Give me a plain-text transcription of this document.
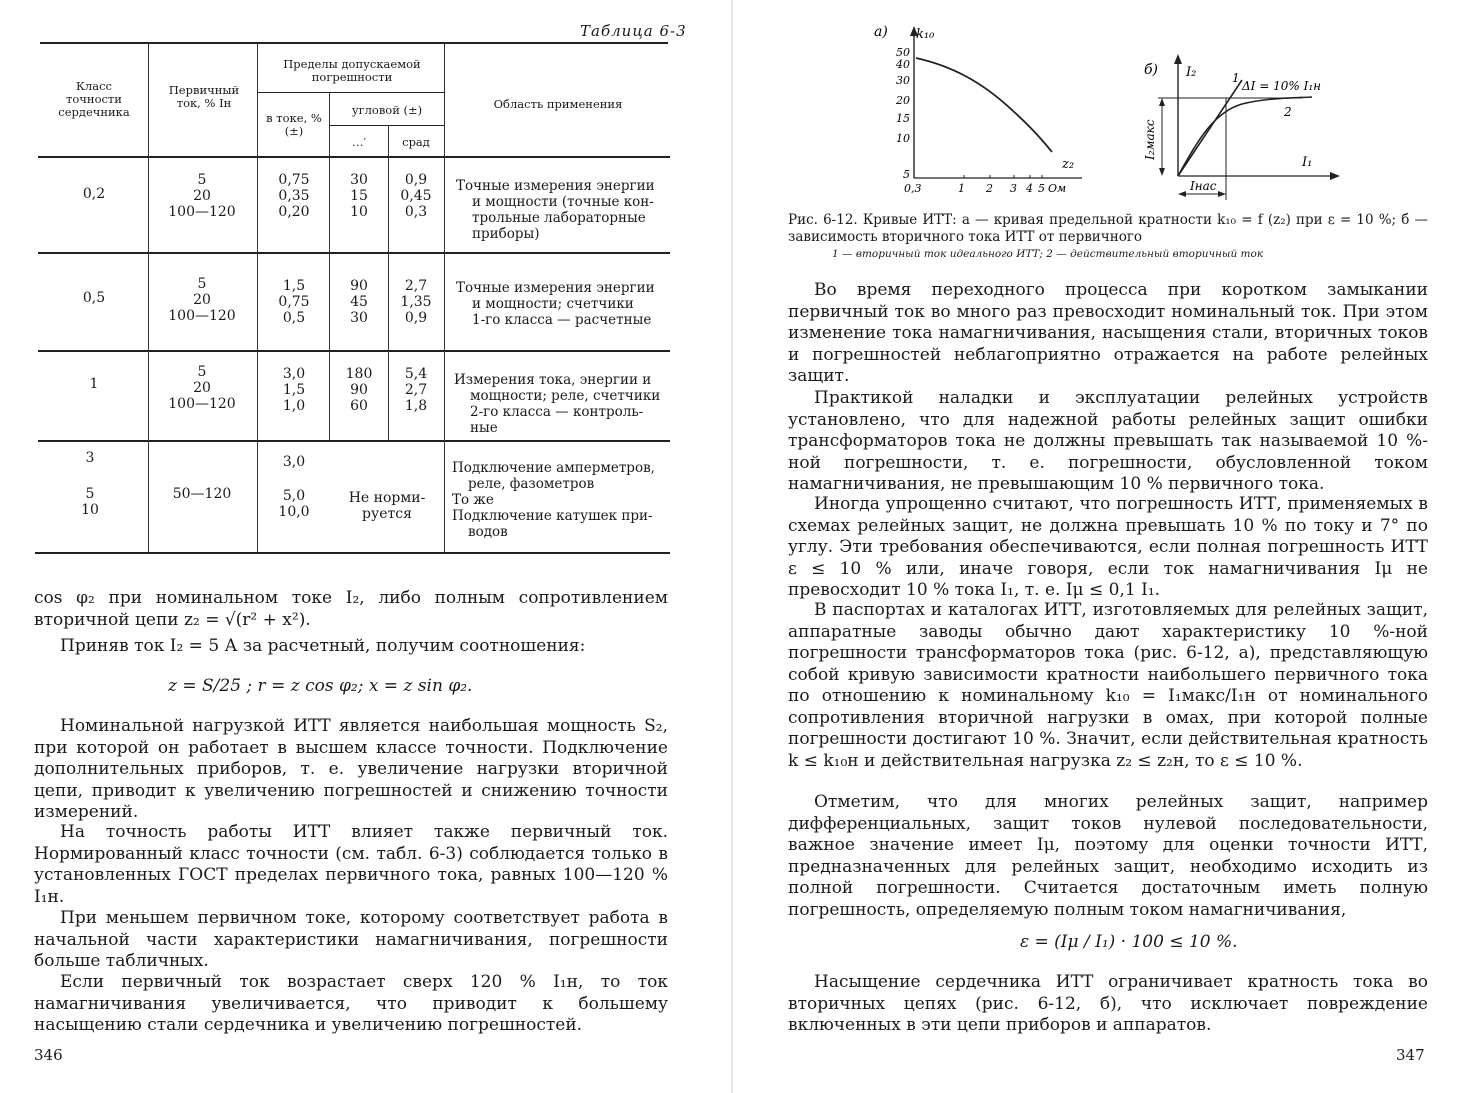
Таблица 6-3
Класс точности сердечника
Первичный ток, % Iн
Пределы допускаемой погрешности
в токе, % (±)
угловой (±)
…′	срад
Область применения
0,2
5
20
100—120
0,75
0,35
0,20
30
15
10
0,9
0,45
0,3
Точные измерения энергии
и мощности (точные кон-
трольные лабораторные
приборы)
0,5
5
20
100—120
1,5
0,75
0,5
90
45
30
2,7
1,35
0,9
Точные измерения энергии
и мощности; счетчики
1-го класса — расчетные
1
5
20
100—120
3,0
1,5
1,0
180
90
60
5,4
2,7
1,8
Измерения тока, энергии и
мощности; реле, счетчики
2-го класса — контроль-
ные
3
5
10
50—120
3,0
5,0
10,0
Не норми-
руется
Подключение амперметров,
реле, фазометров
То же
Подключение катушек при-
водов
cos φ₂ при номинальном токе I₂, либо полным сопротивлением вторичной цепи z₂ = √(r² + x²).
Приняв ток I₂ = 5 А за расчетный, получим соотношения:
z = S/25 ; r = z cos φ₂; x = z sin φ₂.
Номинальной нагрузкой ИТТ является наибольшая мощность S₂, при которой он работает в высшем классе точности. Подключение дополнительных приборов, т. е. увеличение нагрузки вторичной цепи, приводит к увеличению погрешностей и снижению точности измерений.
На точность работы ИТТ влияет также первичный ток. Нормированный класс точности (см. табл. 6-3) соблюдается только в установленных ГОСТ пределах первичного тока, равных 100—120 % I₁н.
При меньшем первичном токе, которому соответствует работа в начальной части характеристики намагничивания, погрешности больше табличных.
Если первичный ток возрастает сверх 120 % I₁н, то ток намагничивания увеличивается, что приводит к большему насыщению стали сердечника и увеличению погрешностей.
346
а) k₁₀
50
40
30
20
15
10
5
0,3	1 2 3 4 5 Ом
z₂
б) I₂
I₁
I₂макс
Iнас
1
2
ΔI = 10% I₁н
Рис. 6-12. Кривые ИТТ: а — кривая предельной кратности k₁₀ = f (z₂) при ε = 10 %; б — зависимость вторичного тока ИТТ от первичного
1 — вторичный ток идеального ИТТ; 2 — действительный вторичный ток
Во время переходного процесса при коротком замыкании первичный ток во много раз превосходит номинальный ток. При этом изменение тока намагничивания, насыщения стали, вторичных токов и погрешностей неблагоприятно отражается на работе релейных защит.
Практикой наладки и эксплуатации релейных устройств установлено, что для надежной работы релейных защит ошибки трансформаторов тока не должны превышать так называемой 10 %-ной погрешности, т. е. погрешности, обусловленной током намагничивания, не превышающим 10 % первичного тока.
Иногда упрощенно считают, что погрешность ИТТ, применяемых в схемах релейных защит, не должна превышать 10 % по току и 7° по углу. Эти требования обеспечиваются, если полная погрешность ИТТ ε ≤ 10 % или, иначе говоря, если ток намагничивания Iμ не превосходит 10 % тока I₁, т. е. Iμ ≤ 0,1 I₁.
В паспортах и каталогах ИТТ, изготовляемых для релейных защит, аппаратные заводы обычно дают характеристику 10 %-ной погрешности трансформаторов тока (рис. 6-12, а), представляющую собой кривую зависимости кратности наибольшего первичного тока по отношению к номинальному k₁₀ = I₁макс/I₁н от номинального сопротивления вторичной нагрузки в омах, при которой полные погрешности достигают 10 %. Значит, если действительная кратность k ≤ k₁₀н и действительная нагрузка z₂ ≤ z₂н, то ε ≤ 10 %.
Отметим, что для многих релейных защит, например дифференциальных, защит токов нулевой последовательности, важное значение имеет Iμ, поэтому для оценки точности ИТТ, предназначенных для релейных защит, необходимо исходить из полной погрешности. Считается достаточным иметь полную погрешность, определяемую полным током намагничивания,
ε = (Iμ / I₁) · 100 ≤ 10 %.
Насыщение сердечника ИТТ ограничивает кратность тока во вторичных цепях (рис. 6-12, б), что исключает повреждение включенных в эти цепи приборов и аппаратов.
347
